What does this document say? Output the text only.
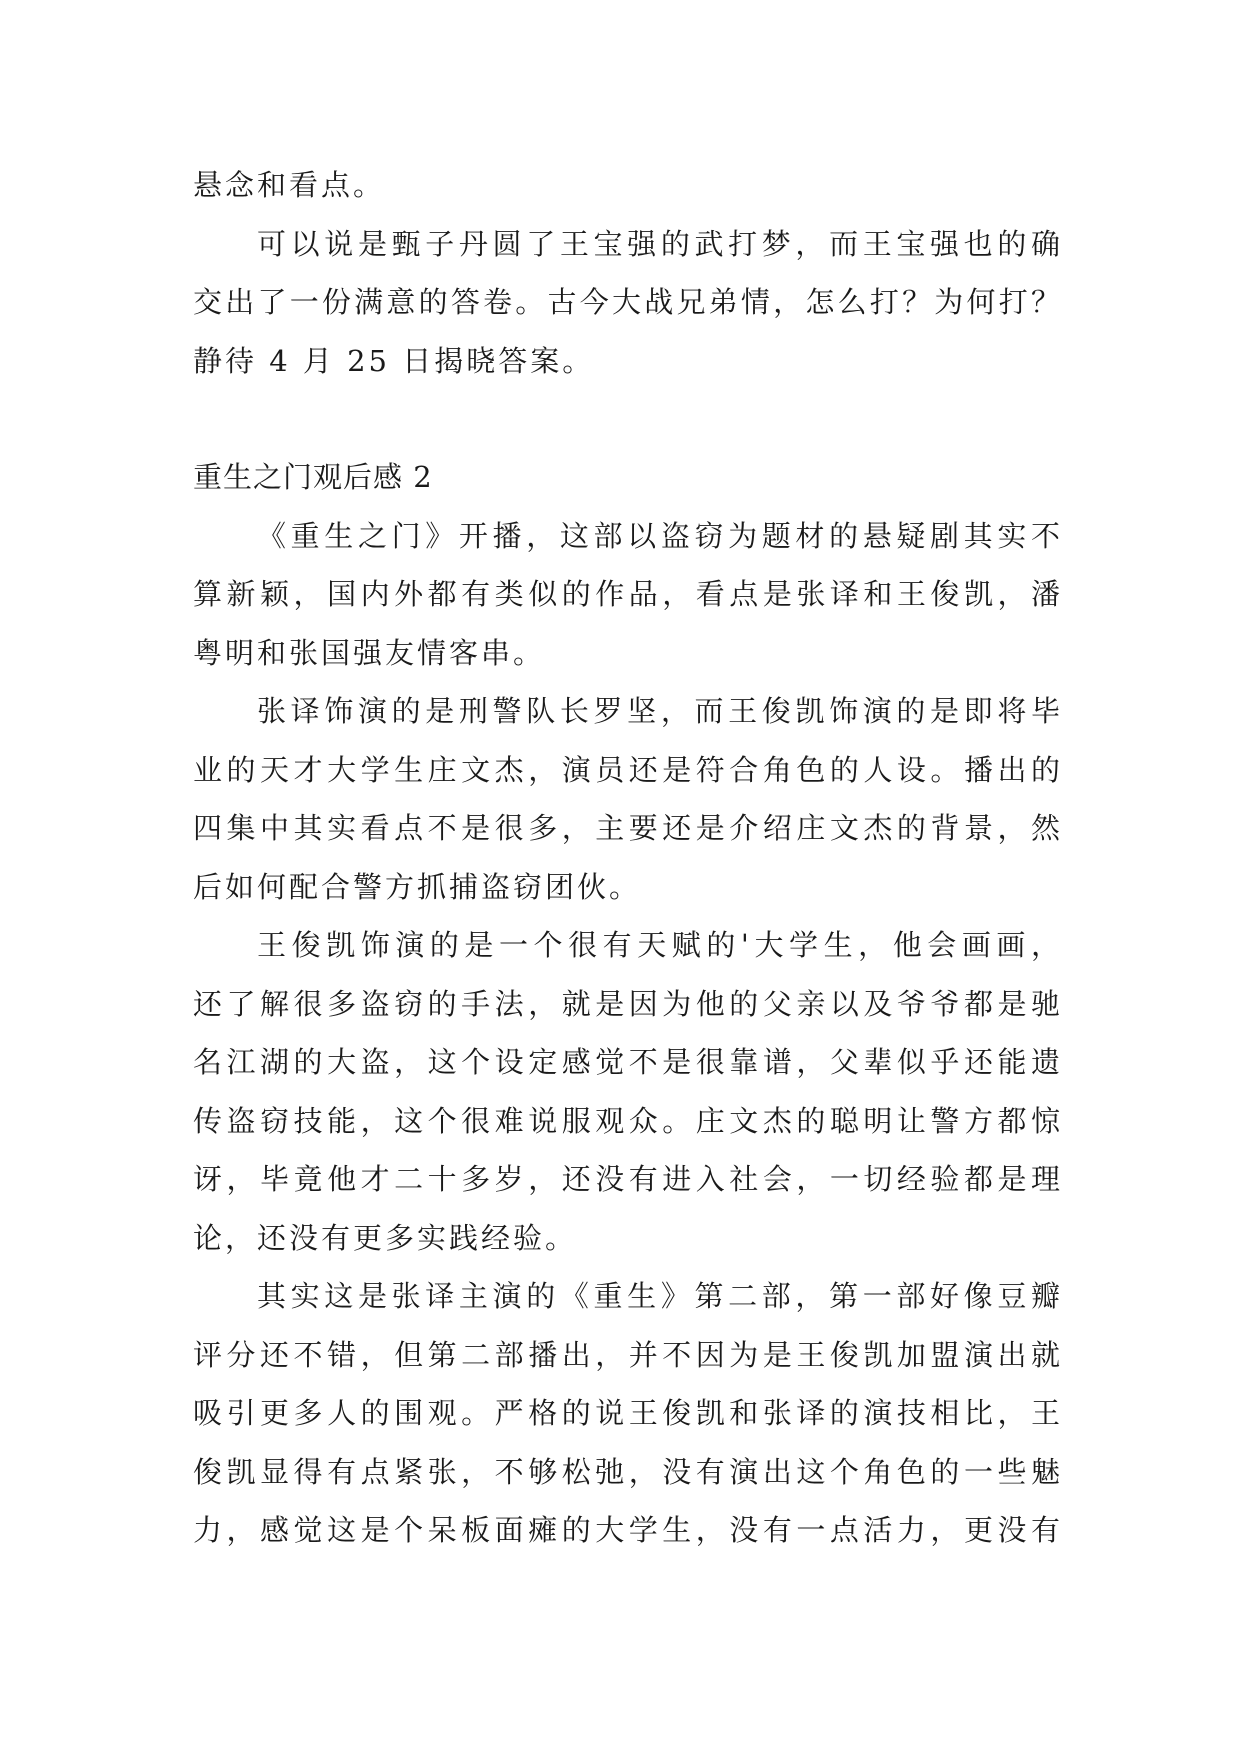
悬念和看点。
可以说是甄子丹圆了王宝强的武打梦，而王宝强也的确
交出了一份满意的答卷。古今大战兄弟情，怎么打？为何打？
静待 4 月 25 日揭晓答案。
重生之门观后感 2
《重生之门》开播，这部以盗窃为题材的悬疑剧其实不
算新颖，国内外都有类似的作品，看点是张译和王俊凯，潘
粤明和张国强友情客串。
张译饰演的是刑警队长罗坚，而王俊凯饰演的是即将毕
业的天才大学生庄文杰，演员还是符合角色的人设。播出的
四集中其实看点不是很多，主要还是介绍庄文杰的背景，然
后如何配合警方抓捕盗窃团伙。
王俊凯饰演的是一个很有天赋的'大学生，他会画画，
还了解很多盗窃的手法，就是因为他的父亲以及爷爷都是驰
名江湖的大盗，这个设定感觉不是很靠谱，父辈似乎还能遗
传盗窃技能，这个很难说服观众。庄文杰的聪明让警方都惊
讶，毕竟他才二十多岁，还没有进入社会，一切经验都是理
论，还没有更多实践经验。
其实这是张译主演的《重生》第二部，第一部好像豆瓣
评分还不错，但第二部播出，并不因为是王俊凯加盟演出就
吸引更多人的围观。严格的说王俊凯和张译的演技相比，王
俊凯显得有点紧张，不够松弛，没有演出这个角色的一些魅
力，感觉这是个呆板面瘫的大学生，没有一点活力，更没有
